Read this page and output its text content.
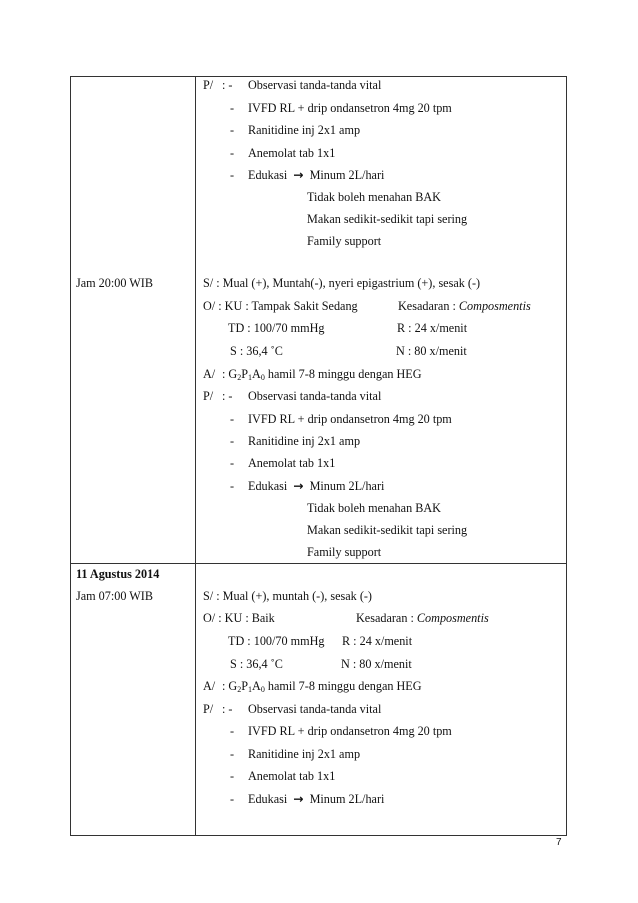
P/ : - Observasi tanda-tanda vital
- IVFD RL + drip ondansetron 4mg 20 tpm
- Ranitidine inj 2x1 amp
- Anemolat tab 1x1
- Edukasi → Minum 2L/hari
Tidak boleh menahan BAK
Makan sedikit-sedikit tapi sering
Family support
Jam 20:00 WIB	S/ : Mual (+), Muntah(-), nyeri epigastrium (+), sesak (-)
O/ : KU : Tampak Sakit Sedang	Kesadaran : Composmentis
TD : 100/70 mmHg	R : 24 x/menit
S : 36,4 ˚C	N : 80 x/menit
A/ : $G_2P_1A_0$ hamil 7-8 minggu dengan HEG
P/ : - Observasi tanda-tanda vital
- IVFD RL + drip ondansetron 4mg 20 tpm
- Ranitidine inj 2x1 amp
- Anemolat tab 1x1
- Edukasi → Minum 2L/hari
Tidak boleh menahan BAK
Makan sedikit-sedikit tapi sering
Family support
11 Agustus 2014
Jam 07:00 WIB	S/ : Mual (+), muntah (-), sesak (-)
O/ : KU : Baik	Kesadaran : Composmentis
TD : 100/70 mmHg R : 24 x/menit
S : 36,4 ˚C	N : 80 x/menit
A/ : $G_2P_1A_0$ hamil 7-8 minggu dengan HEG
P/ : - Observasi tanda-tanda vital
- IVFD RL + drip ondansetron 4mg 20 tpm
- Ranitidine inj 2x1 amp
- Anemolat tab 1x1
- Edukasi → Minum 2L/hari
7
